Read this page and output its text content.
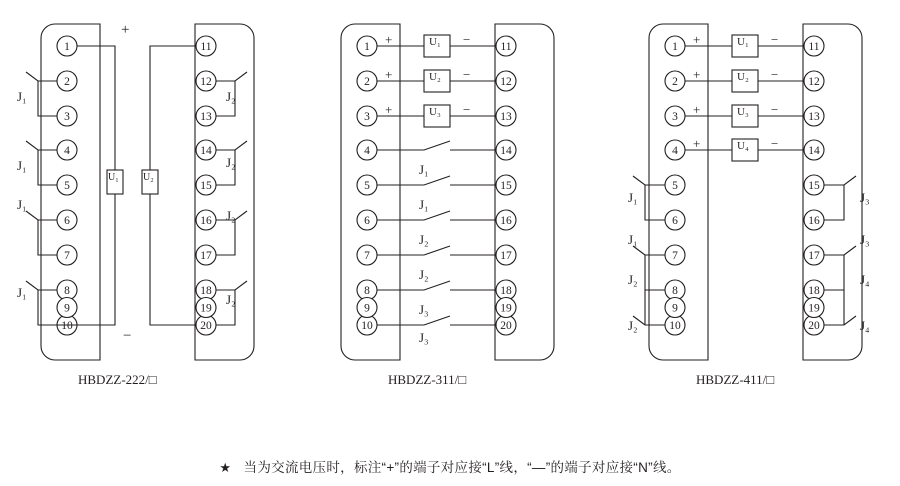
1
2
3
4
5
6
7
8
10
11
12
13
14
15
16
17
18
20
1
2
3
4
5
6
7
8
10
11
12
13
14
15
16
17
18
20
1
2
3
4
5
6
7
8
10
11
12
13
14
15
16
17
18
20
9	19	9	19	9	19
HBDZZ-222/□	HBDZZ-311/□	HBDZZ-411/□
U₁ U₂
+
−
J₁
J₁
J₁
J₁
J₂
J₂
J₂
J₂
U₁
U₂
U₃
+
+
+
−
−
−
J₁
J₁
J₂
J₂
J₃
J₃
U₁
U₂
U₃
U₄
+
+
+
+
−
−
−
−
J₁
J₁
J₂
J₂
J₃
J₃
J₄
J₄
★ 当为交流电压时，标注“+”的端子对应接“L”线，“—”的端子对应接“N”线。
